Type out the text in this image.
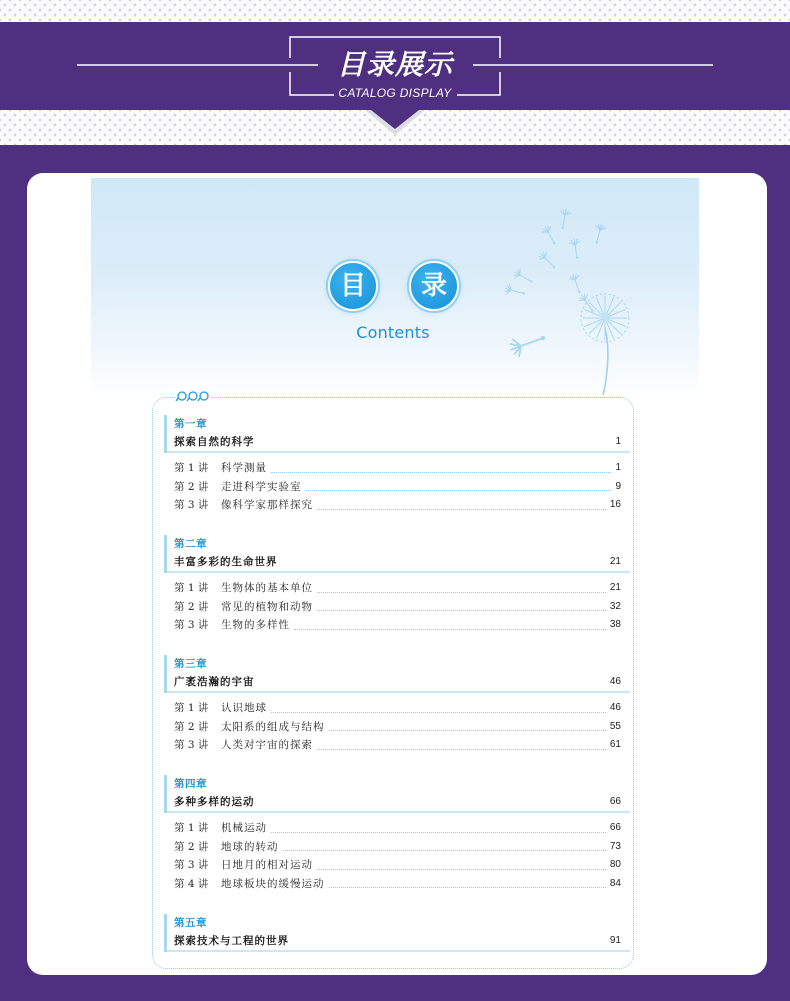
目录展示
CATALOG DISPLAY
目	录
Contents
第一章
探索自然的科学	1
第 1 讲	科学测量	1
第 2 讲	走进科学实验室	9
第 3 讲	像科学家那样探究	16
第二章
丰富多彩的生命世界	21
第 1 讲	生物体的基本单位	21
第 2 讲	常见的植物和动物	32
第 3 讲	生物的多样性	38
第三章
广袤浩瀚的宇宙	46
第 1 讲	认识地球	46
第 2 讲	太阳系的组成与结构	55
第 3 讲	人类对宇宙的探索	61
第四章
多种多样的运动	66
第 1 讲	机械运动	66
第 2 讲	地球的转动	73
第 3 讲	日地月的相对运动	80
第 4 讲	地球板块的缓慢运动	84
第五章
探索技术与工程的世界	91
